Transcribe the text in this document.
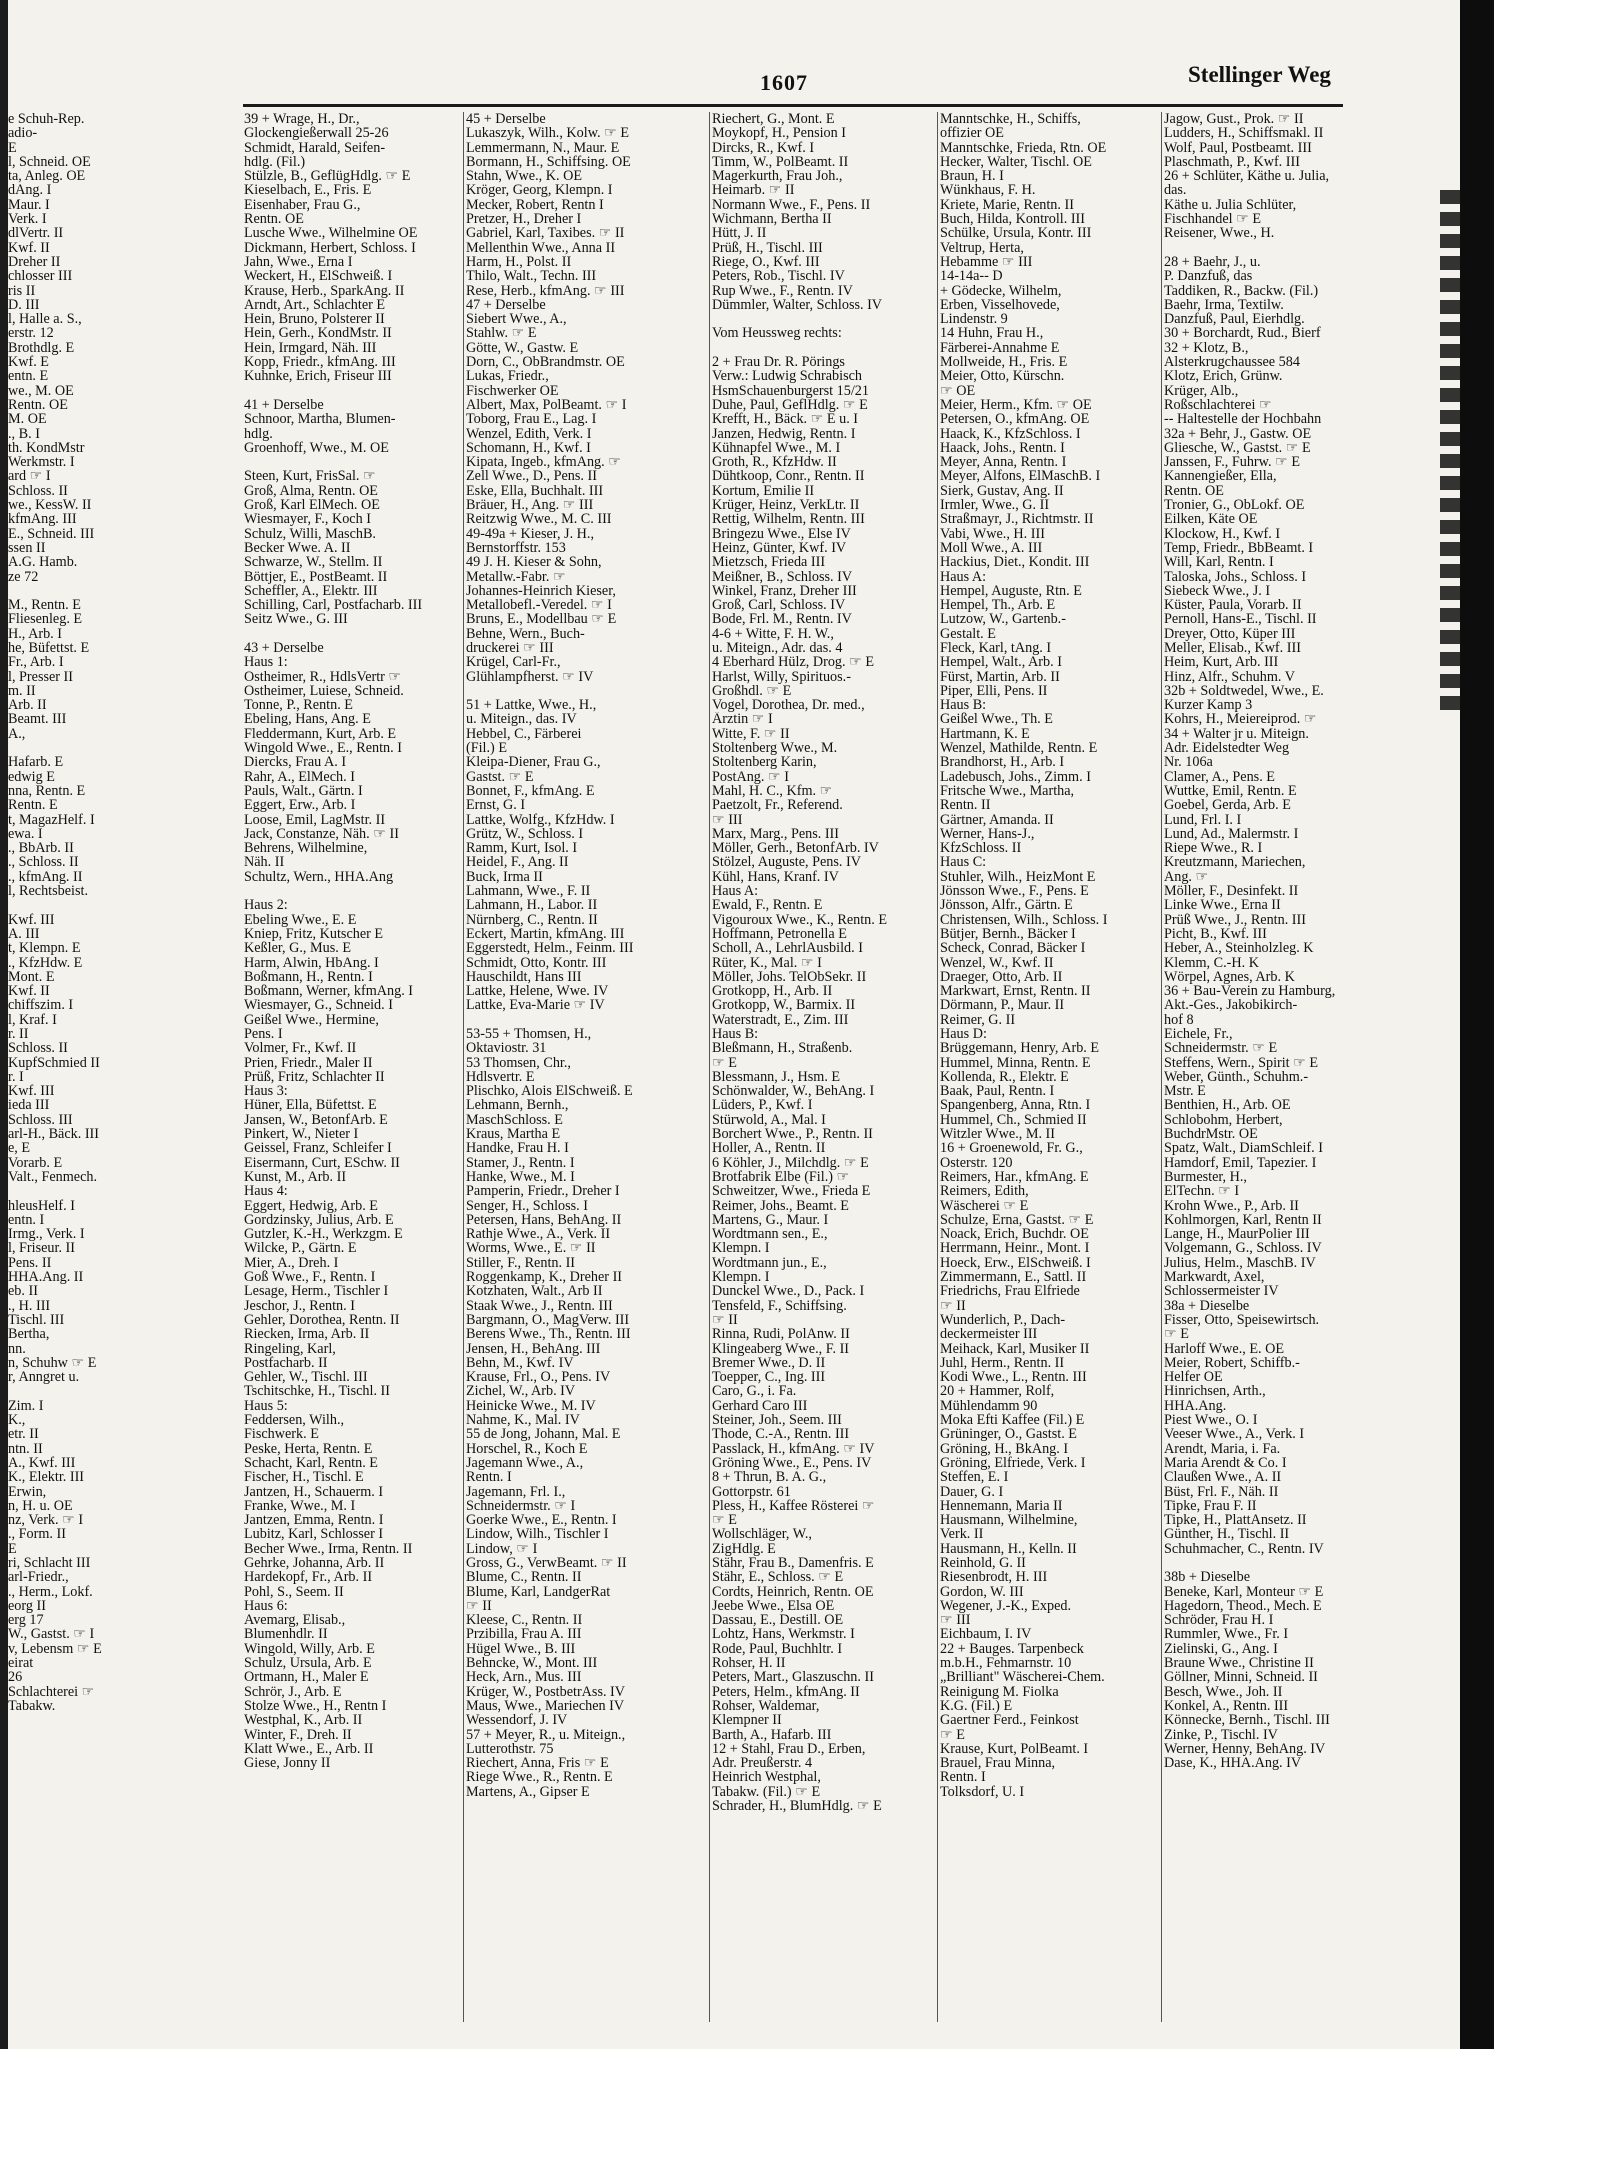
1607	Stellinger Weg
e Schuh-Rep.
adio-
E
l, Schneid. OE
ta, Anleg. OE
dAng. I
Maur. I
Verk. I
dlVertr. II
Kwf. II
Dreher II
chlosser III
ris II
D. III
l, Halle a. S.,
erstr. 12
Brothdlg. E
Kwf. E
entn. E
we., M. OE
Rentn. OE
M. OE
., B. I
th. KondMstr
Werkmstr. I
ard ☞ I
Schloss. II
we., KessW. II
kfmAng. III
E., Schneid. III
ssen II
A.G. Hamb.
ze 72

M., Rentn. E
Fliesenleg. E
H., Arb. I
he, Büfettst. E
Fr., Arb. I
l, Presser II
m. II
Arb. II
Beamt. III
A.,

Hafarb. E
edwig E
nna, Rentn. E
Rentn. E
t, MagazHelf. I
ewa. I
., BbArb. II
., Schloss. II
., kfmAng. II
l, Rechtsbeist.

Kwf. III
A. III
t, Klempn. E
., KfzHdw. E
Mont. E
Kwf. II
chiffszim. I
l, Kraf. I
r. II
Schloss. II
KupfSchmied II
r. I
Kwf. III
ieda III
Schloss. III
arl-H., Bäck. III
e, E
Vorarb. E
Valt., Fenmech.

hleusHelf. I
entn. I
Irmg., Verk. I
l, Friseur. II
Pens. II
HHA.Ang. II
eb. II
., H. III
Tischl. III
Bertha,
nn.
n, Schuhw ☞ E
r, Anngret u.

Zim. I
K.,
etr. II
ntn. II
A., Kwf. III
K., Elektr. III
Erwin,
n, H. u. OE
nz, Verk. ☞ I
., Form. II
E
ri, Schlacht III
arl-Friedr.,
., Herm., Lokf.
eorg II
erg 17
W., Gastst. ☞ I
v, Lebensm ☞ E
eirat
26
Schlachterei ☞
Tabakw.
39 + Wrage, H., Dr.,
Glockengießerwall 25-26
Schmidt, Harald, Seifen-
hdlg. (Fil.)
Stülzle, B., GeflügHdlg. ☞ E
Kieselbach, E., Fris. E
Eisenhaber, Frau G.,
Rentn. OE
Lusche Wwe., Wilhelmine OE
Dickmann, Herbert, Schloss. I
Jahn, Wwe., Erna I
Weckert, H., ElSchweiß. I
Krause, Herb., SparkAng. II
Arndt, Art., Schlachter E
Hein, Bruno, Polsterer II
Hein, Gerh., KondMstr. II
Hein, Irmgard, Näh. III
Kopp, Friedr., kfmAng. III
Kuhnke, Erich, Friseur III

41 + Derselbe
Schnoor, Martha, Blumen-
hdlg.
Groenhoff, Wwe., M. OE

Steen, Kurt, FrisSal. ☞
Groß, Alma, Rentn. OE
Groß, Karl ElMech. OE
Wiesmayer, F., Koch I
Schulz, Willi, MaschB.
Becker Wwe. A. II
Schwarze, W., Stellm. II
Böttjer, E., PostBeamt. II
Scheffler, A., Elektr. III
Schilling, Carl, Postfacharb. III
Seitz Wwe., G. III

43 + Derselbe
Haus 1:
Ostheimer, R., HdlsVertr ☞
Ostheimer, Luiese, Schneid.
Tonne, P., Rentn. E
Ebeling, Hans, Ang. E
Fleddermann, Kurt, Arb. E
Wingold Wwe., E., Rentn. I
Diercks, Frau A. I
Rahr, A., ElMech. I
Pauls, Walt., Gärtn. I
Eggert, Erw., Arb. I
Loose, Emil, LagMstr. II
Jack, Constanze, Näh. ☞ II
Behrens, Wilhelmine,
Näh. II
Schultz, Wern., HHA.Ang

Haus 2:
Ebeling Wwe., E. E
Kniep, Fritz, Kutscher E
Keßler, G., Mus. E
Harm, Alwin, HbAng. I
Boßmann, H., Rentn. I
Boßmann, Werner, kfmAng. I
Wiesmayer, G., Schneid. I
Geißel Wwe., Hermine,
Pens. I
Volmer, Fr., Kwf. II
Prien, Friedr., Maler II
Prüß, Fritz, Schlachter II
Haus 3:
Hüner, Ella, Büfettst. E
Jansen, W., BetonfArb. E
Pinkert, W., Nieter I
Geissel, Franz, Schleifer I
Eisermann, Curt, ESchw. II
Kunst, M., Arb. II
Haus 4:
Eggert, Hedwig, Arb. E
Gordzinsky, Julius, Arb. E
Gutzler, K.-H., Werkzgm. E
Wilcke, P., Gärtn. E
Mier, A., Dreh. I
Goß Wwe., F., Rentn. I
Lesage, Herm., Tischler I
Jeschor, J., Rentn. I
Gehler, Dorothea, Rentn. II
Riecken, Irma, Arb. II
Ringeling, Karl,
Postfacharb. II
Gehler, W., Tischl. III
Tschitschke, H., Tischl. II
Haus 5:
Feddersen, Wilh.,
Fischwerk. E
Peske, Herta, Rentn. E
Schacht, Karl, Rentn. E
Fischer, H., Tischl. E
Jantzen, H., Schauerm. I
Franke, Wwe., M. I
Jantzen, Emma, Rentn. I
Lubitz, Karl, Schlosser I
Becher Wwe., Irma, Rentn. II
Gehrke, Johanna, Arb. II
Hardekopf, Fr., Arb. II
Pohl, S., Seem. II
Haus 6:
Avemarg, Elisab.,
Blumenhdlr. II
Wingold, Willy, Arb. E
Schulz, Ursula, Arb. E
Ortmann, H., Maler E
Schrör, J., Arb. E
Stolze Wwe., H., Rentn I
Westphal, K., Arb. II
Winter, F., Dreh. II
Klatt Wwe., E., Arb. II
Giese, Jonny II
45 + Derselbe
Lukaszyk, Wilh., Kolw. ☞ E
Lemmermann, N., Maur. E
Bormann, H., Schiffsing. OE
Stahn, Wwe., K. OE
Kröger, Georg, Klempn. I
Mecker, Robert, Rentn I
Pretzer, H., Dreher I
Gabriel, Karl, Taxibes. ☞ II
Mellenthin Wwe., Anna II
Harm, H., Polst. II
Thilo, Walt., Techn. III
Rese, Herb., kfmAng. ☞ III
47 + Derselbe
Siebert Wwe., A.,
Stahlw. ☞ E
Götte, W., Gastw. E
Dorn, C., ObBrandmstr. OE
Lukas, Friedr.,
Fischwerker OE
Albert, Max, PolBeamt. ☞ I
Toborg, Frau E., Lag. I
Wenzel, Edith, Verk. I
Schomann, H., Kwf. I
Kipata, Ingeb., kfmAng. ☞
Zell Wwe., D., Pens. II
Eske, Ella, Buchhalt. III
Bräuer, H., Ang. ☞ III
Reitzwig Wwe., M. C. III
49-49a + Kieser, J. H.,
Bernstorffstr. 153
49 J. H. Kieser & Sohn,
Metallw.-Fabr. ☞
Johannes-Heinrich Kieser,
Metallobefl.-Veredel. ☞ I
Bruns, E., Modellbau ☞ E
Behne, Wern., Buch-
druckerei ☞ III
Krügel, Carl-Fr.,
Glühlampfherst. ☞ IV

51 + Lattke, Wwe., H.,
u. Miteign., das. IV
Hebbel, C., Färberei
(Fil.) E
Kleipa-Diener, Frau G.,
Gastst. ☞ E
Bonnet, F., kfmAng. E
Ernst, G. I
Lattke, Wolfg., KfzHdw. I
Grütz, W., Schloss. I
Ramm, Kurt, Isol. I
Heidel, F., Ang. II
Buck, Irma II
Lahmann, Wwe., F. II
Lahmann, H., Labor. II
Nürnberg, C., Rentn. II
Eckert, Martin, kfmAng. III
Eggerstedt, Helm., Feinm. III
Schmidt, Otto, Kontr. III
Hauschildt, Hans III
Lattke, Helene, Wwe. IV
Lattke, Eva-Marie ☞ IV

53-55 + Thomsen, H.,
Oktaviostr. 31
53 Thomsen, Chr.,
Hdlsvertr. E
Plischko, Alois ElSchweiß. E
Lehmann, Bernh.,
MaschSchloss. E
Kraus, Martha E
Handke, Frau H. I
Stamer, J., Rentn. I
Hanke, Wwe., M. I
Pamperin, Friedr., Dreher I
Senger, H., Schloss. I
Petersen, Hans, BehAng. II
Rathje Wwe., A., Verk. II
Worms, Wwe., E. ☞ II
Stiller, F., Rentn. II
Roggenkamp, K., Dreher II
Kotzhaten, Walt., Arb II
Staak Wwe., J., Rentn. III
Bargmann, O., MagVerw. III
Berens Wwe., Th., Rentn. III
Jensen, H., BehAng. III
Behn, M., Kwf. IV
Krause, Frl., O., Pens. IV
Zichel, W., Arb. IV
Heinicke Wwe., M. IV
Nahme, K., Mal. IV
55 de Jong, Johann, Mal. E
Horschel, R., Koch E
Jagemann Wwe., A.,
Rentn. I
Jagemann, Frl. I.,
Schneidermstr. ☞ I
Goerke Wwe., E., Rentn. I
Lindow, Wilh., Tischler I
Lindow, ☞ I
Gross, G., VerwBeamt. ☞ II
Blume, C., Rentn. II
Blume, Karl, LandgerRat
☞ II
Kleese, C., Rentn. II
Przibilla, Frau A. III
Hügel Wwe., B. III
Behncke, W., Mont. III
Heck, Arn., Mus. III
Krüger, W., PostbetrAss. IV
Maus, Wwe., Mariechen IV
Wessendorf, J. IV
57 + Meyer, R., u. Miteign.,
Lutterothstr. 75
Riechert, Anna, Fris ☞ E
Riege Wwe., R., Rentn. E
Martens, A., Gipser E
Riechert, G., Mont. E
Moykopf, H., Pension I
Dircks, R., Kwf. I
Timm, W., PolBeamt. II
Magerkurth, Frau Joh.,
Heimarb. ☞ II
Normann Wwe., F., Pens. II
Wichmann, Bertha II
Hütt, J. II
Prüß, H., Tischl. III
Riege, O., Kwf. III
Peters, Rob., Tischl. IV
Rup Wwe., F., Rentn. IV
Dümmler, Walter, Schloss. IV

Vom Heussweg rechts:

2 + Frau Dr. R. Pörings
Verw.: Ludwig Schrabisch
HsmSchauenburgerst 15/21
Duhe, Paul, GeflHdlg. ☞ E
Krefft, H., Bäck. ☞ E u. I
Janzen, Hedwig, Rentn. I
Kühnapfel Wwe., M. I
Groth, R., KfzHdw. II
Dühtkoop, Conr., Rentn. II
Kortum, Emilie II
Krüger, Heinz, VerkLtr. II
Rettig, Wilhelm, Rentn. III
Bringezu Wwe., Else IV
Heinz, Günter, Kwf. IV
Mietzsch, Frieda III
Meißner, B., Schloss. IV
Winkel, Franz, Dreher III
Groß, Carl, Schloss. IV
Bode, Frl. M., Rentn. IV
4-6 + Witte, F. H. W.,
u. Miteign., Adr. das. 4
4 Eberhard Hülz, Drog. ☞ E
Harlst, Willy, Spirituos.-
Großhdl. ☞ E
Vogel, Dorothea, Dr. med.,
Ärztin ☞ I
Witte, F. ☞ II
Stoltenberg Wwe., M.
Stoltenberg Karin,
PostAng. ☞ I
Mahl, H. C., Kfm. ☞
Paetzolt, Fr., Referend.
☞ III
Marx, Marg., Pens. III
Möller, Gerh., BetonfArb. IV
Stölzel, Auguste, Pens. IV
Kühl, Hans, Kranf. IV
Haus A:
Ewald, F., Rentn. E
Vigouroux Wwe., K., Rentn. E
Hoffmann, Petronella E
Scholl, A., LehrlAusbild. I
Rüter, K., Mal. ☞ I
Möller, Johs. TelObSekr. II
Grotkopp, H., Arb. II
Grotkopp, W., Barmix. II
Waterstradt, E., Zim. III
Haus B:
Bleßmann, H., Straßenb.
☞ E
Blessmann, J., Hsm. E
Schönwalder, W., BehAng. I
Lüders, P., Kwf. I
Stürwold, A., Mal. I
Borchert Wwe., P., Rentn. II
Holler, A., Rentn. II
6 Köhler, J., Milchdlg. ☞ E
Brotfabrik Elbe (Fil.) ☞
Schweitzer, Wwe., Frieda E
Reimer, Johs., Beamt. E
Martens, G., Maur. I
Wordtmann sen., E.,
Klempn. I
Wordtmann jun., E.,
Klempn. I
Dunckel Wwe., D., Pack. I
Tensfeld, F., Schiffsing.
☞ II
Rinna, Rudi, PolAnw. II
Klingeaberg Wwe., F. II
Bremer Wwe., D. II
Toepper, C., Ing. III
Caro, G., i. Fa.
Gerhard Caro III
Steiner, Joh., Seem. III
Thode, C.-A., Rentn. III
Passlack, H., kfmAng. ☞ IV
Gröning Wwe., E., Pens. IV
8 + Thrun, B. A. G.,
Gottorpstr. 61
Pless, H., Kaffee Rösterei ☞
☞ E
Wollschläger, W.,
ZigHdlg. E
Stähr, Frau B., Damenfris. E
Stähr, E., Schloss. ☞ E
Cordts, Heinrich, Rentn. OE
Jeebe Wwe., Elsa OE
Dassau, E., Destill. OE
Lohtz, Hans, Werkmstr. I
Rode, Paul, Buchhltr. I
Rohser, H. II
Peters, Mart., Glaszuschn. II
Peters, Helm., kfmAng. II
Rohser, Waldemar,
Klempner II
Barth, A., Hafarb. III
12 + Stahl, Frau D., Erben,
Adr. Preußerstr. 4
Heinrich Westphal,
Tabakw. (Fil.) ☞ E
Schrader, H., BlumHdlg. ☞ E
Manntschke, H., Schiffs,
offizier OE
Manntschke, Frieda, Rtn. OE
Hecker, Walter, Tischl. OE
Braun, H. I
Wünkhaus, F. H.
Kriete, Marie, Rentn. II
Buch, Hilda, Kontroll. III
Schülke, Ursula, Kontr. III
Veltrup, Herta,
Hebamme ☞ III
14-14a-- D
+ Gödecke, Wilhelm,
Erben, Visselhovede,
Lindenstr. 9
14 Huhn, Frau H.,
Färberei-Annahme E
Mollweide, H., Fris. E
Meier, Otto, Kürschn.
☞ OE
Meier, Herm., Kfm. ☞ OE
Petersen, O., kfmAng. OE
Haack, K., KfzSchloss. I
Haack, Johs., Rentn. I
Meyer, Anna, Rentn. I
Meyer, Alfons, ElMaschB. I
Sierk, Gustav, Ang. II
Irmler, Wwe., G. II
Straßmayr, J., Richtmstr. II
Vabi, Wwe., H. III
Moll Wwe., A. III
Hackius, Diet., Kondit. III
Haus A:
Hempel, Auguste, Rtn. E
Hempel, Th., Arb. E
Lutzow, W., Gartenb.-
Gestalt. E
Fleck, Karl, tAng. I
Hempel, Walt., Arb. I
Fürst, Martin, Arb. II
Piper, Elli, Pens. II
Haus B:
Geißel Wwe., Th. E
Hartmann, K. E
Wenzel, Mathilde, Rentn. E
Brandhorst, H., Arb. I
Ladebusch, Johs., Zimm. I
Fritsche Wwe., Martha,
Rentn. II
Gärtner, Amanda. II
Werner, Hans-J.,
KfzSchloss. II
Haus C:
Stuhler, Wilh., HeizMont E
Jönsson Wwe., F., Pens. E
Jönsson, Alfr., Gärtn. E
Christensen, Wilh., Schloss. I
Bütjer, Bernh., Bäcker I
Scheck, Conrad, Bäcker I
Wenzel, W., Kwf. II
Draeger, Otto, Arb. II
Markwart, Ernst, Rentn. II
Dörmann, P., Maur. II
Reimer, G. II
Haus D:
Brüggemann, Henry, Arb. E
Hummel, Minna, Rentn. E
Kollenda, R., Elektr. E
Baak, Paul, Rentn. I
Spangenberg, Anna, Rtn. I
Hummel, Ch., Schmied II
Witzler Wwe., M. II
16 + Groenewold, Fr. G.,
Osterstr. 120
Reimers, Har., kfmAng. E
Reimers, Edith,
Wäscherei ☞ E
Schulze, Erna, Gastst. ☞ E
Noack, Erich, Buchdr. OE
Herrmann, Heinr., Mont. I
Hoeck, Erw., ElSchweiß. I
Zimmermann, E., Sattl. II
Friedrichs, Frau Elfriede
☞ II
Wunderlich, P., Dach-
deckermeister III
Meihack, Karl, Musiker II
Juhl, Herm., Rentn. II
Kodi Wwe., L., Rentn. III
20 + Hammer, Rolf,
Mühlendamm 90
Moka Efti Kaffee (Fil.) E
Grüninger, O., Gastst. E
Gröning, H., BkAng. I
Gröning, Elfriede, Verk. I
Steffen, E. I
Dauer, G. I
Hennemann, Maria II
Hausmann, Wilhelmine,
Verk. II
Hausmann, H., Kelln. II
Reinhold, G. II
Riesenbrodt, H. III
Gordon, W. III
Wegener, J.-K., Exped.
☞ III
Eichbaum, I. IV
22 + Bauges. Tarpenbeck
m.b.H., Fehmarnstr. 10
„Brilliant" Wäscherei-Chem.
Reinigung M. Fiolka
K.G. (Fil.) E
Gaertner Ferd., Feinkost
☞ E
Krause, Kurt, PolBeamt. I
Brauel, Frau Minna,
Rentn. I
Tolksdorf, U. I
Jagow, Gust., Prok. ☞ II
Ludders, H., Schiffsmakl. II
Wolf, Paul, Postbeamt. III
Plaschmath, P., Kwf. III
26 + Schlüter, Käthe u. Julia,
das.
Käthe u. Julia Schlüter,
Fischhandel ☞ E
Reisener, Wwe., H.

28 + Baehr, J., u.
P. Danzfuß, das
Taddiken, R., Backw. (Fil.)
Baehr, Irma, Textilw.
Danzfuß, Paul, Eierhdlg.
30 + Borchardt, Rud., Bierf
32 + Klotz, B.,
Alsterkrugchaussee 584
Klotz, Erich, Grünw.
Krüger, Alb.,
Roßschlachterei ☞
-- Haltestelle der Hochbahn
32a + Behr, J., Gastw. OE
Gliesche, W., Gastst. ☞ E
Janssen, F., Fuhrw. ☞ E
Kannengießer, Ella,
Rentn. OE
Tronier, G., ObLokf. OE
Eilken, Käte OE
Klockow, H., Kwf. I
Temp, Friedr., BbBeamt. I
Will, Karl, Rentn. I
Taloska, Johs., Schloss. I
Siebeck Wwe., J. I
Küster, Paula, Vorarb. II
Pernoll, Hans-E., Tischl. II
Dreyer, Otto, Küper III
Meller, Elisab., Kwf. III
Heim, Kurt, Arb. III
Hinz, Alfr., Schuhm. V
32b + Soldtwedel, Wwe., E.
Kurzer Kamp 3
Kohrs, H., Meiereiprod. ☞
34 + Walter jr u. Miteign.
Adr. Eidelstedter Weg
Nr. 106a
Clamer, A., Pens. E
Wuttke, Emil, Rentn. E
Goebel, Gerda, Arb. E
Lund, Frl. I. I
Lund, Ad., Malermstr. I
Riepe Wwe., R. I
Kreutzmann, Mariechen,
Ang. ☞
Möller, F., Desinfekt. II
Linke Wwe., Erna II
Prüß Wwe., J., Rentn. III
Picht, B., Kwf. III
Heber, A., Steinholzleg. K
Klemm, C.-H. K
Wörpel, Agnes, Arb. K
36 + Bau-Verein zu Hamburg,
Akt.-Ges., Jakobikirch-
hof 8
Eichele, Fr.,
Schneidermstr. ☞ E
Steffens, Wern., Spirit ☞ E
Weber, Günth., Schuhm.-
Mstr. E
Benthien, H., Arb. OE
Schlobohm, Herbert,
BuchdrMstr. OE
Spatz, Walt., DiamSchleif. I
Hamdorf, Emil, Tapezier. I
Burmester, H.,
ElTechn. ☞ I
Krohn Wwe., P., Arb. II
Kohlmorgen, Karl, Rentn II
Lange, H., MaurPolier III
Volgemann, G., Schloss. IV
Julius, Helm., MaschB. IV
Markwardt, Axel,
Schlossermeister IV
38a + Dieselbe
Fisser, Otto, Speisewirtsch.
☞ E
Harloff Wwe., E. OE
Meier, Robert, Schiffb.-
Helfer OE
Hinrichsen, Arth.,
HHA.Ang.
Piest Wwe., O. I
Veeser Wwe., A., Verk. I
Arendt, Maria, i. Fa.
Maria Arendt & Co. I
Claußen Wwe., A. II
Büst, Frl. F., Näh. II
Tipke, Frau F. II
Tipke, H., PlattAnsetz. II
Günther, H., Tischl. II
Schuhmacher, C., Rentn. IV

38b + Dieselbe
Beneke, Karl, Monteur ☞ E
Hagedorn, Theod., Mech. E
Schröder, Frau H. I
Rummler, Wwe., Fr. I
Zielinski, G., Ang. I
Braune Wwe., Christine II
Göllner, Minni, Schneid. II
Besch, Wwe., Joh. II
Konkel, A., Rentn. III
Könnecke, Bernh., Tischl. III
Zinke, P., Tischl. IV
Werner, Henny, BehAng. IV
Dase, K., HHA.Ang. IV
